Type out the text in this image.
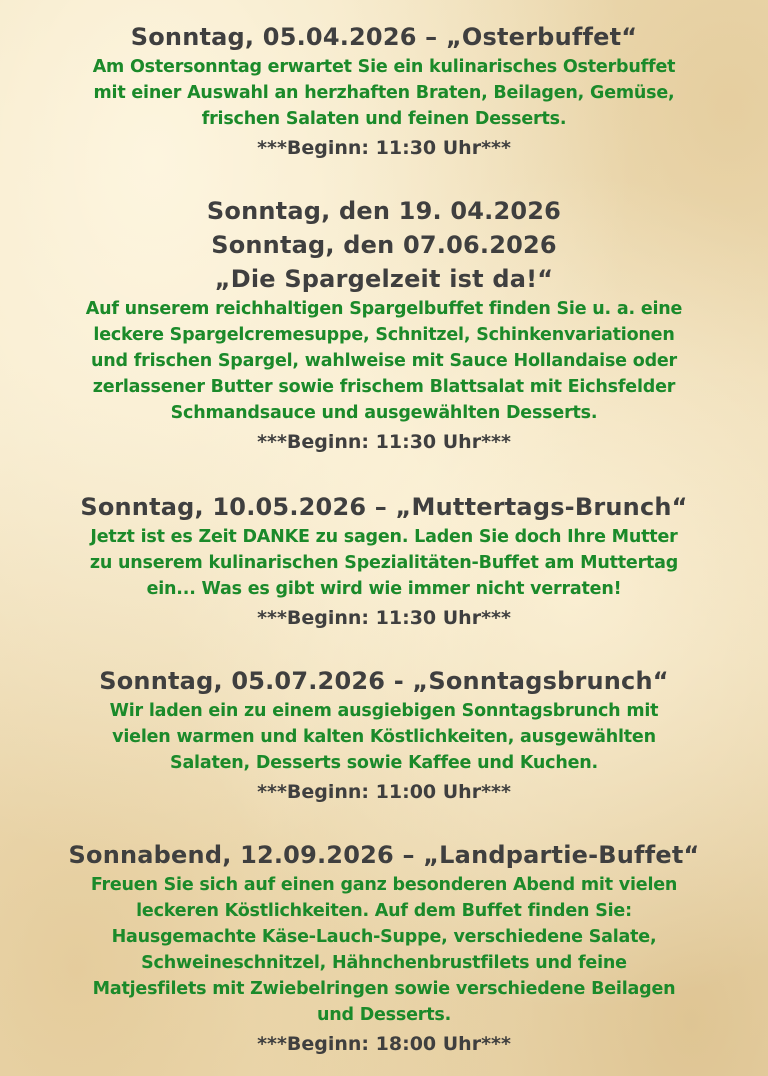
Sonntag, 05.04.2026 – „Osterbuffet“

Am Ostersonntag erwartet Sie ein kulinarisches Osterbuffet
mit einer Auswahl an herzhaften Braten, Beilagen, Gemüse,
frischen Salaten und feinen Desserts.

***Beginn: 11:30 Uhr***

Sonntag, den 19. 04.2026

Sonntag, den 07.06.2026

„Die Spargelzeit ist da!“

Auf unserem reichhaltigen Spargelbuffet finden Sie u. a. eine
leckere Spargelcremesuppe, Schnitzel, Schinkenvariationen
und frischen Spargel, wahlweise mit Sauce Hollandaise oder
zerlassener Butter sowie frischem Blattsalat mit Eichsfelder
Schmandsauce und ausgewählten Desserts.

***Beginn: 11:30 Uhr***

Sonntag, 10.05.2026 – „Muttertags-Brunch“

Jetzt ist es Zeit DANKE zu sagen. Laden Sie doch Ihre Mutter
zu unserem kulinarischen Spezialitäten-Buffet am Muttertag
ein... Was es gibt wird wie immer nicht verraten!

***Beginn: 11:30 Uhr***

Sonntag, 05.07.2026 - „Sonntagsbrunch“

Wir laden ein zu einem ausgiebigen Sonntagsbrunch mit
vielen warmen und kalten Köstlichkeiten, ausgewählten
Salaten, Desserts sowie Kaffee und Kuchen.

***Beginn: 11:00 Uhr***

Sonnabend, 12.09.2026 – „Landpartie-Buffet“

Freuen Sie sich auf einen ganz besonderen Abend mit vielen
leckeren Köstlichkeiten. Auf dem Buffet finden Sie:
Hausgemachte Käse-Lauch-Suppe, verschiedene Salate,
Schweineschnitzel, Hähnchenbrustfilets und feine
Matjesfilets mit Zwiebelringen sowie verschiedene Beilagen
und Desserts.

***Beginn: 18:00 Uhr***
